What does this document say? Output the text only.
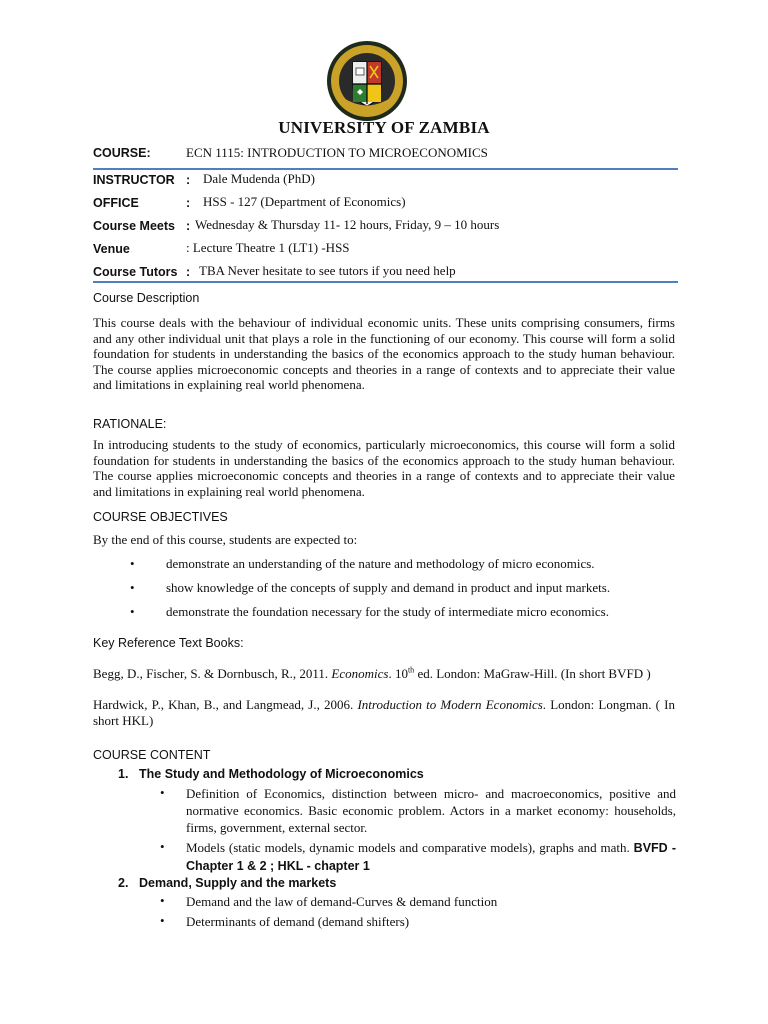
UNIVERSITY OF ZAMBIA
COURSE:	ECN 1115: INTRODUCTION TO MICROECONOMICS
INSTRUCTOR : Dale Mudenda (PhD)
OFFICE	: HSS - 127 (Department of Economics)
Course Meets : Wednesday & Thursday 11- 12 hours, Friday, 9 – 10 hours
Venue	: Lecture Theatre 1 (LT1) -HSS
Course Tutors : TBA Never hesitate to see tutors if you need help
Course Description
This course deals with the behaviour of individual economic units. These units comprising consumers, firms and any other individual unit that plays a role in the functioning of our economy. This course will form a solid foundation for students in understanding the basics of the economics approach to the study human behaviour. The course applies microeconomic concepts and theories in a range of contexts and to appreciate their value and limitations in explaining real world phenomena.
RATIONALE:
In introducing students to the study of economics, particularly microeconomics, this course will form a solid foundation for students in understanding the basics of the economics approach to the study human behaviour. The course applies microeconomic concepts and theories in a range of contexts and to appreciate their value and limitations in explaining real world phenomena.
COURSE OBJECTIVES
By the end of this course, students are expected to:
• demonstrate an understanding of the nature and methodology of micro economics.
• show knowledge of the concepts of supply and demand in product and input markets.
• demonstrate the foundation necessary for the study of intermediate micro economics.
Key Reference Text Books:
Begg, D., Fischer, S. & Dornbusch, R., 2011. Economics. 10th ed. London: MaGraw-Hill. (In short BVFD )
Hardwick, P., Khan, B., and Langmead, J., 2006. Introduction to Modern Economics. London: Longman. ( In short HKL)
COURSE CONTENT
1. The Study and Methodology of Microeconomics
• Definition of Economics, distinction between micro- and macroeconomics, positive and normative economics. Basic economic problem. Actors in a market economy: households, firms, government, external sector.
• Models (static models, dynamic models and comparative models), graphs and math. BVFD -Chapter 1 & 2 ; HKL - chapter 1
2. Demand, Supply and the markets
• Demand and the law of demand-Curves & demand function
• Determinants of demand (demand shifters)
